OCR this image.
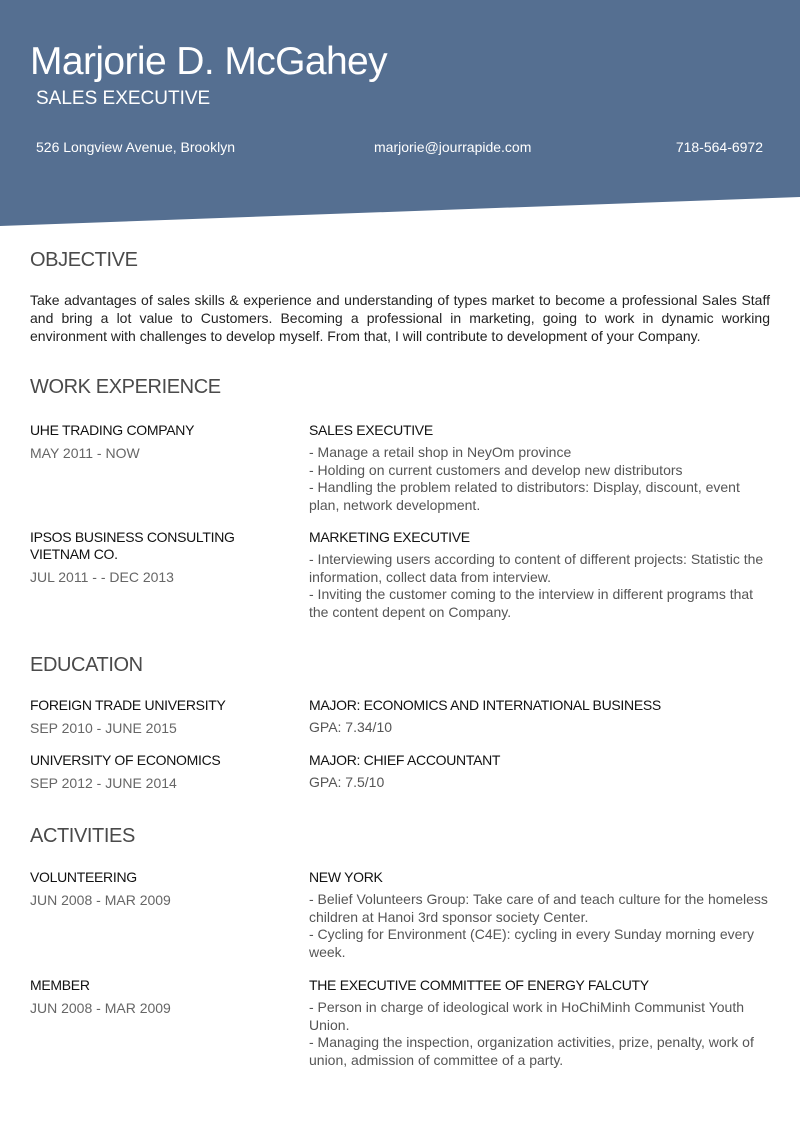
Marjorie D. McGahey
SALES EXECUTIVE
526 Longview Avenue, Brooklyn	marjorie@jourrapide.com	718-564-6972
OBJECTIVE

Take advantages of sales skills & experience and understanding of types market to become a professional Sales Staff and bring a lot value to Customers. Becoming a professional in marketing, going to work in dynamic working environment with challenges to develop myself. From that, I will contribute to development of your Company.

WORK EXPERIENCE
UHE TRADING COMPANY
MAY 2011 - NOW
SALES EXECUTIVE
- Manage a retail shop in NeyOm province
- Holding on current customers and develop new distributors
- Handling the problem related to distributors: Display, discount, event plan, network development.
IPSOS BUSINESS CONSULTING VIETNAM CO.
JUL 2011 - - DEC 2013
MARKETING EXECUTIVE
- Interviewing users according to content of different projects: Statistic the information, collect data from interview.
- Inviting the customer coming to the interview in different programs that the content depent on Company.
EDUCATION
FOREIGN TRADE UNIVERSITY
SEP 2010 - JUNE 2015
MAJOR: ECONOMICS AND INTERNATIONAL BUSINESS
GPA: 7.34/10
UNIVERSITY OF ECONOMICS
SEP 2012 - JUNE 2014
MAJOR: CHIEF ACCOUNTANT
GPA: 7.5/10
ACTIVITIES
VOLUNTEERING
JUN 2008 - MAR 2009
NEW YORK
- Belief Volunteers Group: Take care of and teach culture for the homeless children at Hanoi 3rd sponsor society Center.
- Cycling for Environment (C4E): cycling in every Sunday morning every week.
MEMBER
JUN 2008 - MAR 2009
THE EXECUTIVE COMMITTEE OF ENERGY FALCUTY
- Person in charge of ideological work in HoChiMinh Communist Youth Union.
- Managing the inspection, organization activities, prize, penalty, work of union, admission of committee of a party.
